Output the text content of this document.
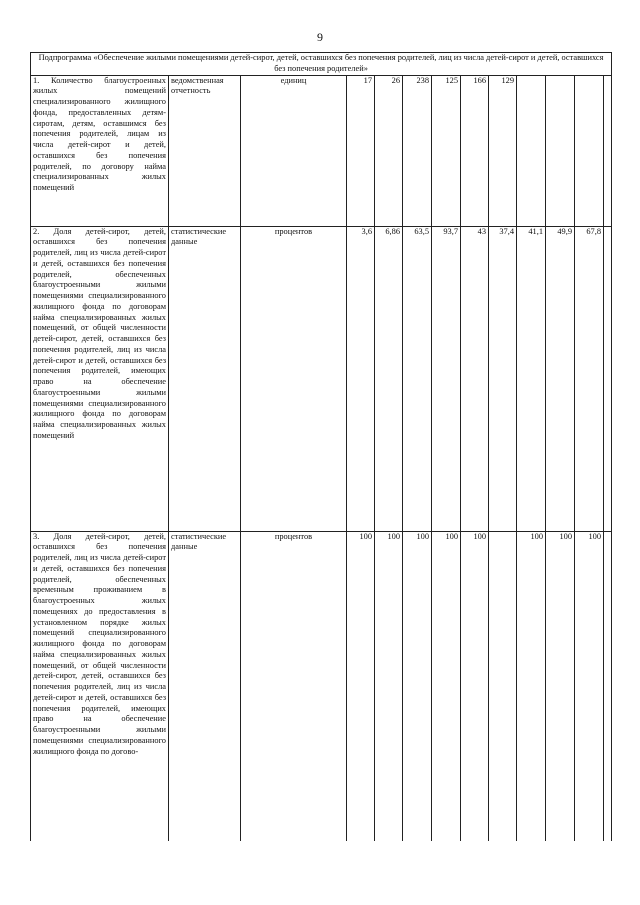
9
Подпрограмма «Обеспечение жилыми помещениями детей-сирот, детей, оставшихся без попечения родителей, лиц из числа детей-сирот и детей, оставшихся без попечения родителей»												
1. Количество благоустроенных жилых помещений специализированного жилищного фонда, предоставленных детям-сиротам, детям, оставшимся без попечения родителей, лицам из числа детей-сирот и детей, оставшихся без попечения родителей, по договору найма специализированных жилых помещений	ведомственная отчетность	единиц	17	26	238	125	166	129				
2. Доля детей-сирот, детей, оставшихся без попечения родителей, лиц из числа детей-сирот и детей, оставшихся без попечения родителей, обеспеченных благоустроенными жилыми помещениями специализированного жилищного фонда по договорам найма специализированных жилых помещений, от общей численности детей-сирот, детей, оставшихся без попечения родителей, лиц из числа детей-сирот и детей, оставшихся без попечения родителей, имеющих право на обеспечение благоустроенными жилыми помещениями специализированного жилищного фонда по договорам найма специализированных жилых помещений	статистические данные	процентов	3,6	6,86	63,5	93,7	43	37,4	41,1	49,9	67,8	
3. Доля детей-сирот, детей, оставшихся без попечения родителей, лиц из числа детей-сирот и детей, оставшихся без попечения родителей, обеспеченных временным проживанием в благоустроенных жилых помещениях до предоставления в установленном порядке жилых помещений специализированного жилищного фонда по договорам найма специализированных жилых помещений, от общей численности детей-сирот, детей, оставшихся без попечения родителей, лиц из числа детей-сирот и детей, оставшихся без попечения родителей, имеющих право на обеспечение благоустроенными жилыми помещениями специализированного жилищного фонда по догово-	статистические данные	процентов	100	100	100	100	100		100	100	100	
